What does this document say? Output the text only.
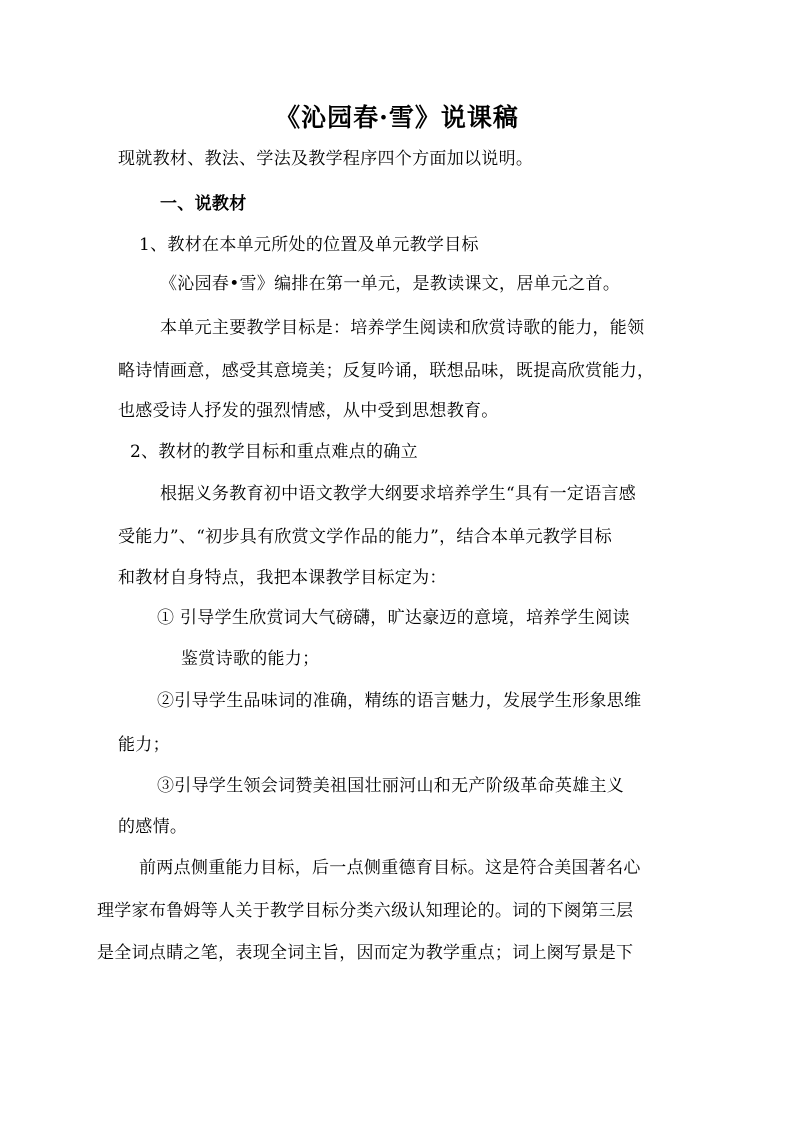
《沁园春·雪》说课稿
现就教材、教法、学法及教学程序四个方面加以说明。
一、说教材
1、教材在本单元所处的位置及单元教学目标
《沁园春•雪》编排在第一单元，是教读课文，居单元之首。
本单元主要教学目标是：培养学生阅读和欣赏诗歌的能力，能领
略诗情画意，感受其意境美；反复吟诵，联想品味，既提高欣赏能力，
也感受诗人抒发的强烈情感，从中受到思想教育。
2、教材的教学目标和重点难点的确立
根据义务教育初中语文教学大纲要求培养学生“具有一定语言感
受能力”、“初步具有欣赏文学作品的能力”，结合本单元教学目标
和教材自身特点，我把本课教学目标定为：
① 引导学生欣赏词大气磅礴，旷达豪迈的意境，培养学生阅读
鉴赏诗歌的能力；
②引导学生品味词的准确，精练的语言魅力，发展学生形象思维
能力；
③引导学生领会词赞美祖国壮丽河山和无产阶级革命英雄主义
的感情。
前两点侧重能力目标，后一点侧重德育目标。这是符合美国著名心
理学家布鲁姆等人关于教学目标分类六级认知理论的。词的下阕第三层
是全词点睛之笔，表现全词主旨，因而定为教学重点；词上阕写景是下
